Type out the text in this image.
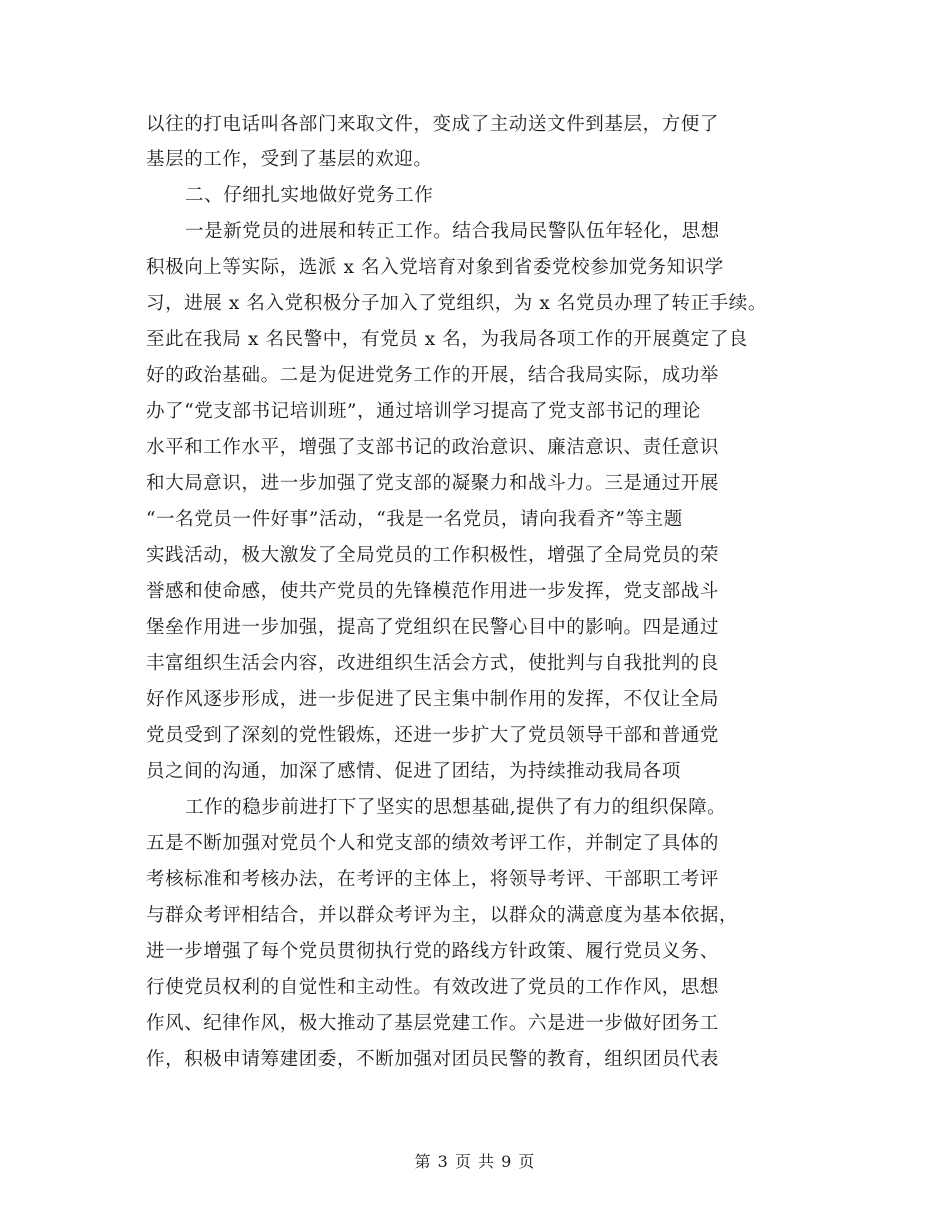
以往的打电话叫各部门来取文件，变成了主动送文件到基层，方便了
基层的工作，受到了基层的欢迎。
二、仔细扎实地做好党务工作
一是新党员的进展和转正工作。结合我局民警队伍年轻化，思想
积极向上等实际，选派 x 名入党培育对象到省委党校参加党务知识学
习，进展 x 名入党积极分子加入了党组织，为 x 名党员办理了转正手续。
至此在我局 x 名民警中，有党员 x 名，为我局各项工作的开展奠定了良
好的政治基础。二是为促进党务工作的开展，结合我局实际，成功举
办了“党支部书记培训班”，通过培训学习提高了党支部书记的理论
水平和工作水平，增强了支部书记的政治意识、廉洁意识、责任意识
和大局意识，进一步加强了党支部的凝聚力和战斗力。三是通过开展
“一名党员一件好事”活动，“我是一名党员，请向我看齐”等主题
实践活动，极大激发了全局党员的工作积极性，增强了全局党员的荣
誉感和使命感，使共产党员的先锋模范作用进一步发挥，党支部战斗
堡垒作用进一步加强，提高了党组织在民警心目中的影响。四是通过
丰富组织生活会内容，改进组织生活会方式，使批判与自我批判的良
好作风逐步形成，进一步促进了民主集中制作用的发挥，不仅让全局
党员受到了深刻的党性锻炼，还进一步扩大了党员领导干部和普通党
员之间的沟通，加深了感情、促进了团结，为持续推动我局各项
工作的稳步前进打下了坚实的思想基础,提供了有力的组织保障。
五是不断加强对党员个人和党支部的绩效考评工作，并制定了具体的
考核标准和考核办法，在考评的主体上，将领导考评、干部职工考评
与群众考评相结合，并以群众考评为主，以群众的满意度为基本依据，
进一步增强了每个党员贯彻执行党的路线方针政策、履行党员义务、
行使党员权利的自觉性和主动性。有效改进了党员的工作作风，思想
作风、纪律作风，极大推动了基层党建工作。六是进一步做好团务工
作，积极申请筹建团委，不断加强对团员民警的教育，组织团员代表
第 3 页 共 9 页
